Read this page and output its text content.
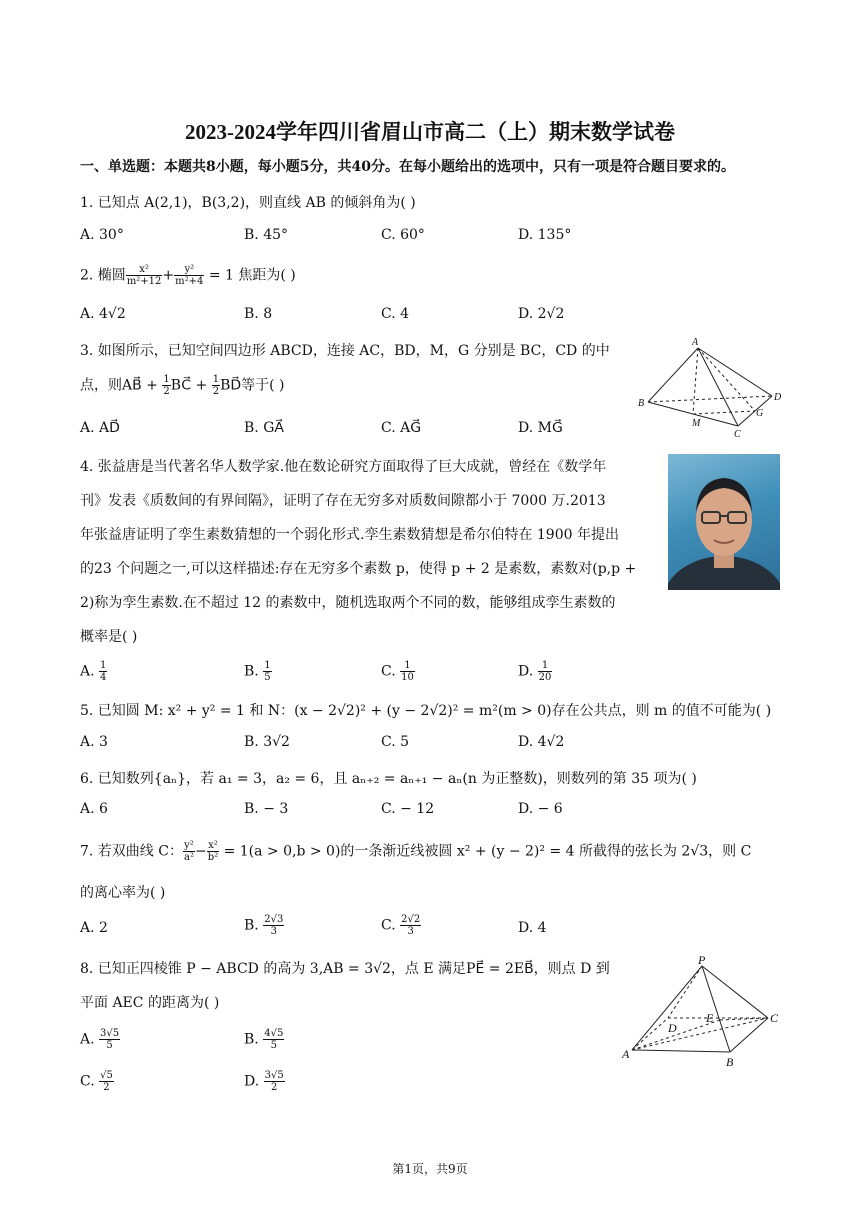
2023-2024学年四川省眉山市高二（上）期末数学试卷
一、单选题：本题共8小题，每小题5分，共40分。在每小题给出的选项中，只有一项是符合题目要求的。
1. 已知点 A(2,1)，B(3,2)，则直线 AB 的倾斜角为( )
A. 30°	B. 45°	C. 60°	D. 135°
2. 椭圆 $\frac{\text{x²}}{\text{m²+12}} + \frac{\text{y²}}{\text{m²+4}} = 1$ 焦距为( )
A. 4√2	B. 8	C. 4	D. 2√2
3. 如图所示，已知空间四边形 ABCD，连接 AC，BD，M，G 分别是 BC，CD 的中
点，则AB⃗ + $\frac{1}{2}$ BC⃗ + $\frac{1}{2}$ BD⃗等于( )
A. AD⃗	B. GA⃗	C. AG⃗	D. MG⃗
A
B
C
D
M
G
4. 张益唐是当代著名华人数学家.他在数论研究方面取得了巨大成就，曾经在《数学年
刊》发表《质数间的有界间隔》，证明了存在无穷多对质数间隙都小于 7000 万.2013
年张益唐证明了孪生素数猜想的一个弱化形式.孪生素数猜想是希尔伯特在 1900 年提出
的23 个问题之一,可以这样描述:存在无穷多个素数 p，使得 p + 2 是素数，素数对(p,p +
2)称为孪生素数.在不超过 12 的素数中，随机选取两个不同的数，能够组成孪生素数的
概率是( )
A. $\frac{1}{4}$	B. $\frac{1}{5}$	C. $\frac{1}{10}$	D. $\frac{1}{20}$
5. 已知圆 M: x² + y² = 1 和 N：(x − 2√2)² + (y − 2√2)² = m²(m > 0)存在公共点，则 m 的值不可能为( )
A. 3	B. 3√2	C. 5	D. 4√2
6. 已知数列{aₙ}，若 a₁ = 3，a₂ = 6，且 aₙ₊₂ = aₙ₊₁ − aₙ(n 为正整数)，则数列的第 35 项为( )
A. 6	B. − 3	C. − 12	D. − 6
7. 若双曲线 C： $\frac{\text{y²}}{\text{a²}} - \frac{\text{x²}}{\text{b²}} = 1(a > 0,b > 0)$的一条渐近线被圆 x² + (y − 2)² = 4 所截得的弦长为 2√3，则 C
的离心率为( )
A. 2	B. $\frac{2√3}{3}$	C. $\frac{2√2}{3}$	D. 4
8. 已知正四棱锥 P − ABCD 的高为 3,AB = 3√2，点 E 满足PE⃗ = 2EB⃗，则点 D 到
平面 AEC 的距离为( )
A. $\frac{3√5}{5}$	B. $\frac{4√5}{5}$
C. $\frac{√5}{2}$	D. $\frac{3√5}{2}$
P
D
E	C
A
B
第1页，共9页
